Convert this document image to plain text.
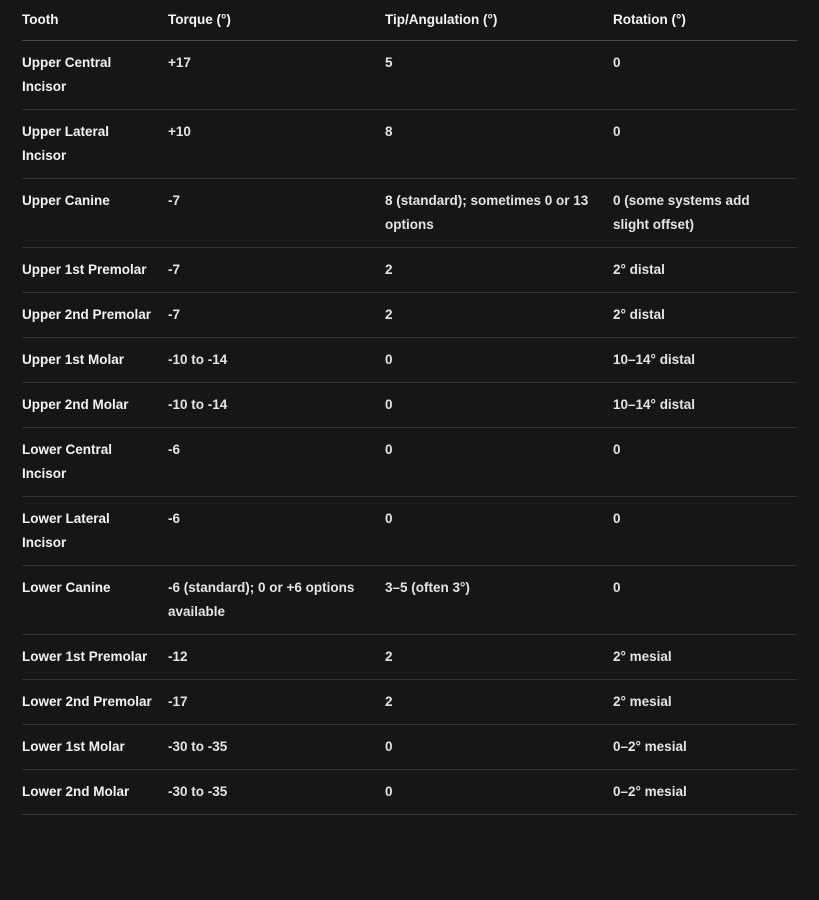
Tooth	Torque (°)	Tip/Angulation (°)	Rotation (°)
Upper Central Incisor	+17	5	0
Upper Lateral Incisor	+10	8	0
Upper Canine	-7	8 (standard); sometimes 0 or 13 options	0 (some systems add slight offset)
Upper 1st Premolar	-7	2	2° distal
Upper 2nd Premolar	-7	2	2° distal
Upper 1st Molar	-10 to -14	0	10–14° distal
Upper 2nd Molar	-10 to -14	0	10–14° distal
Lower Central Incisor	-6	0	0
Lower Lateral Incisor	-6	0	0
Lower Canine	-6 (standard); 0 or +6 options available	3–5 (often 3°)	0
Lower 1st Premolar	-12	2	2° mesial
Lower 2nd Premolar	-17	2	2° mesial
Lower 1st Molar	-30 to -35	0	0–2° mesial
Lower 2nd Molar	-30 to -35	0	0–2° mesial
